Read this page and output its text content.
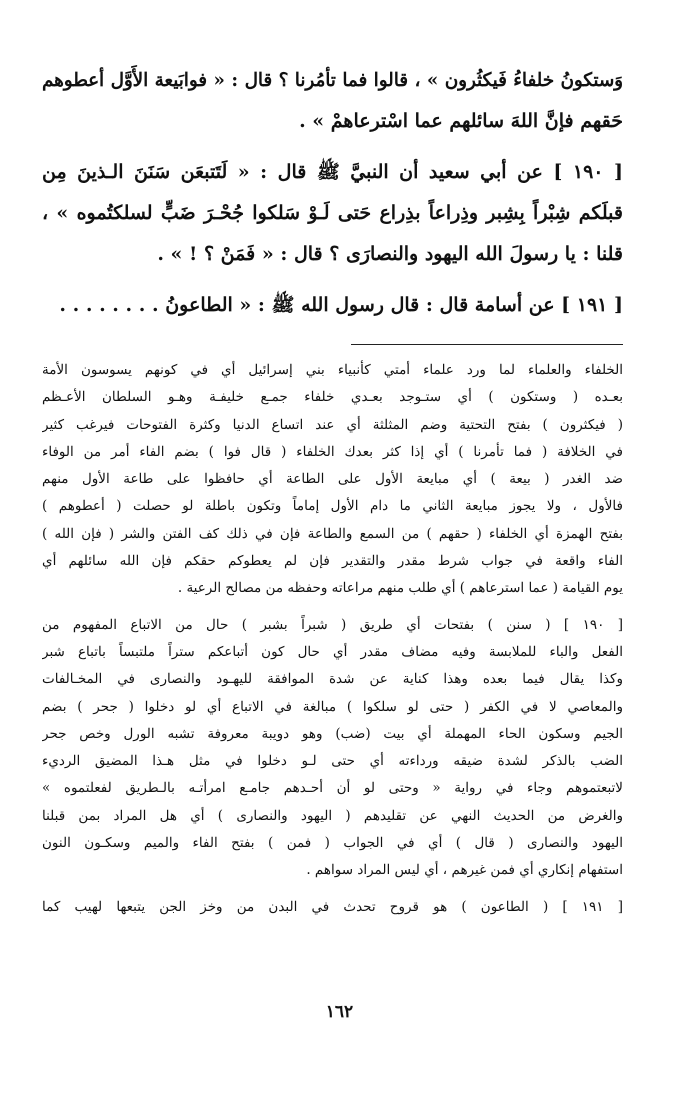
وَستكونُ خلفاءُ فَيكثُرون » ، قالوا فما تأمُرنا ؟ قال : « فوابَيعة الأَوَّل أعطوهم
حَقهم فإنَّ اللهَ سائلهم عما اسْترعاهمْ » .
[ ١٩٠ ] عن أبي سعيد أن النبيَّ ﷺ قال : « لَتَتبعَن سَنَنَ الـذينَ مِن
قبلَكم شِبْراً بِشِبر وذِراعاً بذِراع حَتى لَـوْ سَلكوا جُحْـرَ ضَبٍّ لسلكتُموه » ،
قلنا : يا رسولَ الله اليهود والنصارَى ؟ قال : « فَمَنْ ؟ ! » .
[ ١٩١ ] عن أسامة قال : قال رسول الله ﷺ : « الطاعونُ . . . . . . . .
الخلفاء والعلماء لما ورد علماء أمتي كأنبياء بني إسرائيل أي في كونهم يسوسون الأمة
بعـده ( وستكون ) أي ستـوجد بعـدي خلفاء جمـع خليفـة وهـو السلطان الأعـظم
( فيكثرون ) بفتح التحتية وضم المثلثة أي عند اتساع الدنيا وكثرة الفتوحات فيرغب كثير
في الخلافة ( فما تأمرنا ) أي إذا كثر بعدك الخلفاء ( قال فوا ) بضم الفاء أمر من الوفاء
ضد الغدر ( بيعة ) أي مبايعة الأول على الطاعة أي حافظوا على طاعة الأول منهم
فالأول ، ولا يجوز مبايعة الثاني ما دام الأول إماماً وتكون باطلة لو حصلت ( أعطوهم )
بفتح الهمزة أي الخلفاء ( حقهم ) من السمع والطاعة فإن في ذلك كف الفتن والشر ( فإن الله )
الفاء واقعة في جواب شرط مقدر والتقدير فإن لم يعطوكم حقكم فإن الله سائلهم أي
يوم القيامة ( عما استرعاهم ) أي طلب منهم مراعاته وحفظه من مصالح الرعية .
[ ١٩٠ ] ( سنن ) بفتحات أي طريق ( شبراً بشبر ) حال من الاتباع المفهوم من
الفعل والباء للملابسة وفيه مضاف مقدر أي حال كون أتباعكم ستراً ملتبساً باتباع شبر
وكذا يقال فيما بعده وهذا كناية عن شدة الموافقة لليهـود والنصارى في المخـالفات
والمعاصي لا في الكفر ( حتى لو سلكوا ) مبالغة في الاتباع أي لو دخلوا ( جحر ) بضم
الجيم وسكون الحاء المهملة أي بيت (ضب) وهو دويبة معروفة تشبه الورل وخص جحر
الضب بالذكر لشدة ضيقه ورداءته أي حتى لـو دخلوا في مثل هـذا المضيق الرديء
لاتبعتموهم وجاء في رواية « وحتى لو أن أحـدهم جامـع امرأتـه بالـطريق لفعلتموه »
والغرض من الحديث النهي عن تقليدهم ( اليهود والنصارى ) أي هل المراد بمن قبلنا
اليهود والنصارى ( قال ) أي في الجواب ( فمن ) بفتح الفاء والميم وسكـون النون
استفهام إنكاري أي فمن غيرهم ، أي ليس المراد سواهم .
[ ١٩١ ] ( الطاعون ) هو قروح تحدث في البدن من وخز الجن يتبعها لهيب كما
١٦٢
